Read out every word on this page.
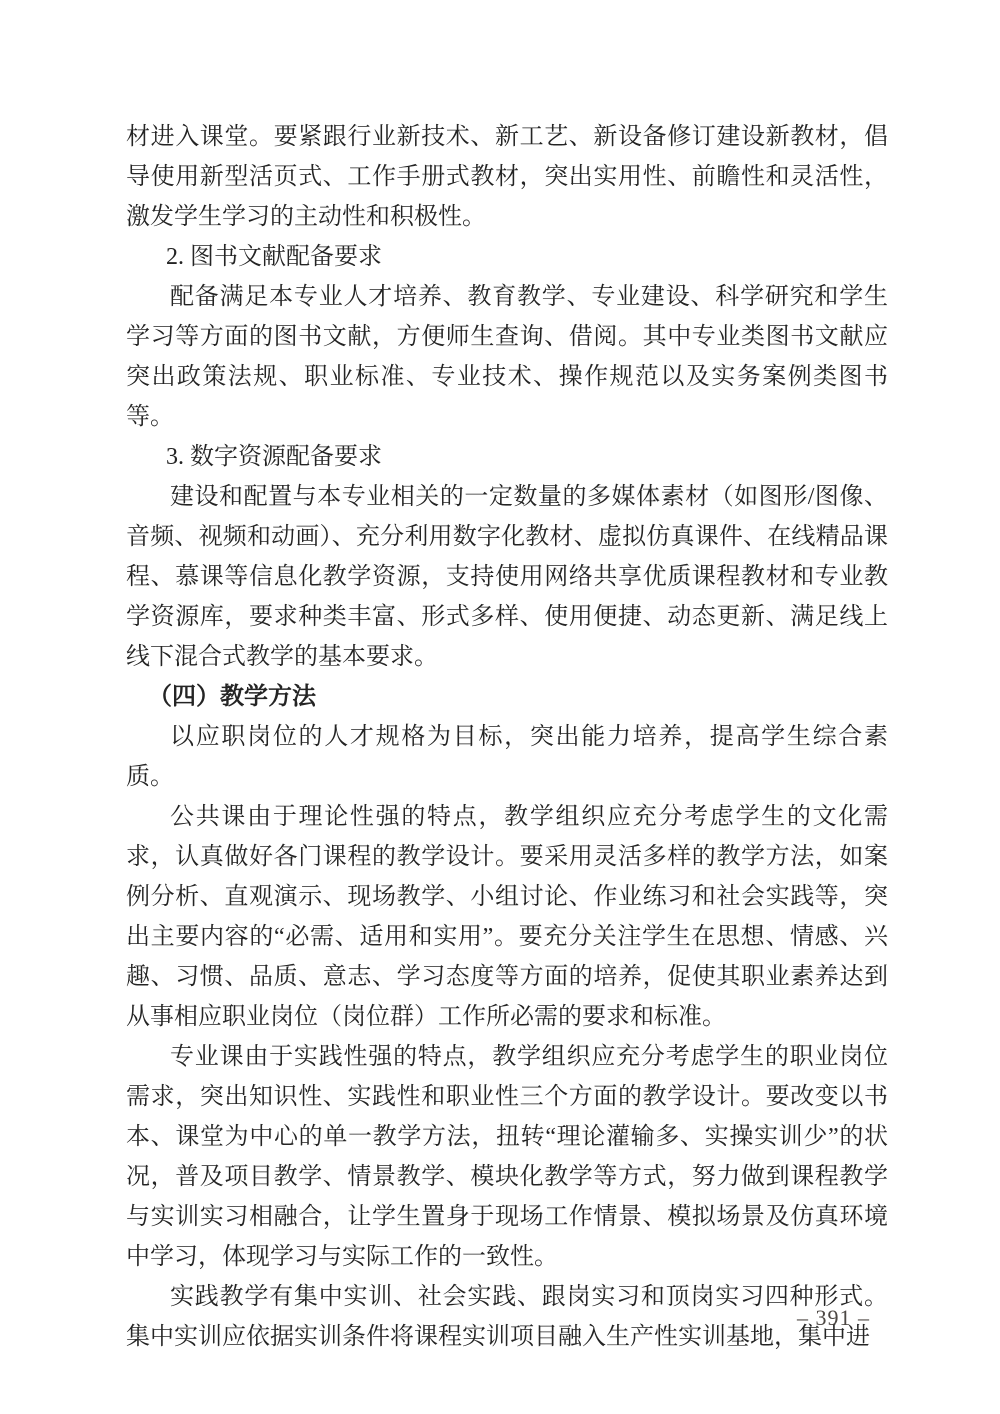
材进入课堂。要紧跟行业新技术、新工艺、新设备修订建设新教材，倡导使用新型活页式、工作手册式教材，突出实用性、前瞻性和灵活性，激发学生学习的主动性和积极性。

2. 图书文献配备要求

配备满足本专业人才培养、教育教学、专业建设、科学研究和学生学习等方面的图书文献，方便师生查询、借阅。其中专业类图书文献应突出政策法规、职业标准、专业技术、操作规范以及实务案例类图书等。

3. 数字资源配备要求

建设和配置与本专业相关的一定数量的多媒体素材（如图形/图像、音频、视频和动画）、充分利用数字化教材、虚拟仿真课件、在线精品课程、慕课等信息化教学资源，支持使用网络共享优质课程教材和专业教学资源库，要求种类丰富、形式多样、使用便捷、动态更新、满足线上线下混合式教学的基本要求。

（四）教学方法

以应职岗位的人才规格为目标，突出能力培养，提高学生综合素质。

公共课由于理论性强的特点，教学组织应充分考虑学生的文化需求，认真做好各门课程的教学设计。要采用灵活多样的教学方法，如案例分析、直观演示、现场教学、小组讨论、作业练习和社会实践等，突出主要内容的“必需、适用和实用”。要充分关注学生在思想、情感、兴趣、习惯、品质、意志、学习态度等方面的培养，促使其职业素养达到从事相应职业岗位（岗位群）工作所必需的要求和标准。

专业课由于实践性强的特点，教学组织应充分考虑学生的职业岗位需求，突出知识性、实践性和职业性三个方面的教学设计。要改变以书本、课堂为中心的单一教学方法，扭转“理论灌输多、实操实训少”的状况，普及项目教学、情景教学、模块化教学等方式，努力做到课程教学与实训实习相融合，让学生置身于现场工作情景、模拟场景及仿真环境中学习，体现学习与实际工作的一致性。

实践教学有集中实训、社会实践、跟岗实习和顶岗实习四种形式。集中实训应依据实训条件将课程实训项目融入生产性实训基地，集中进

– 391 –
